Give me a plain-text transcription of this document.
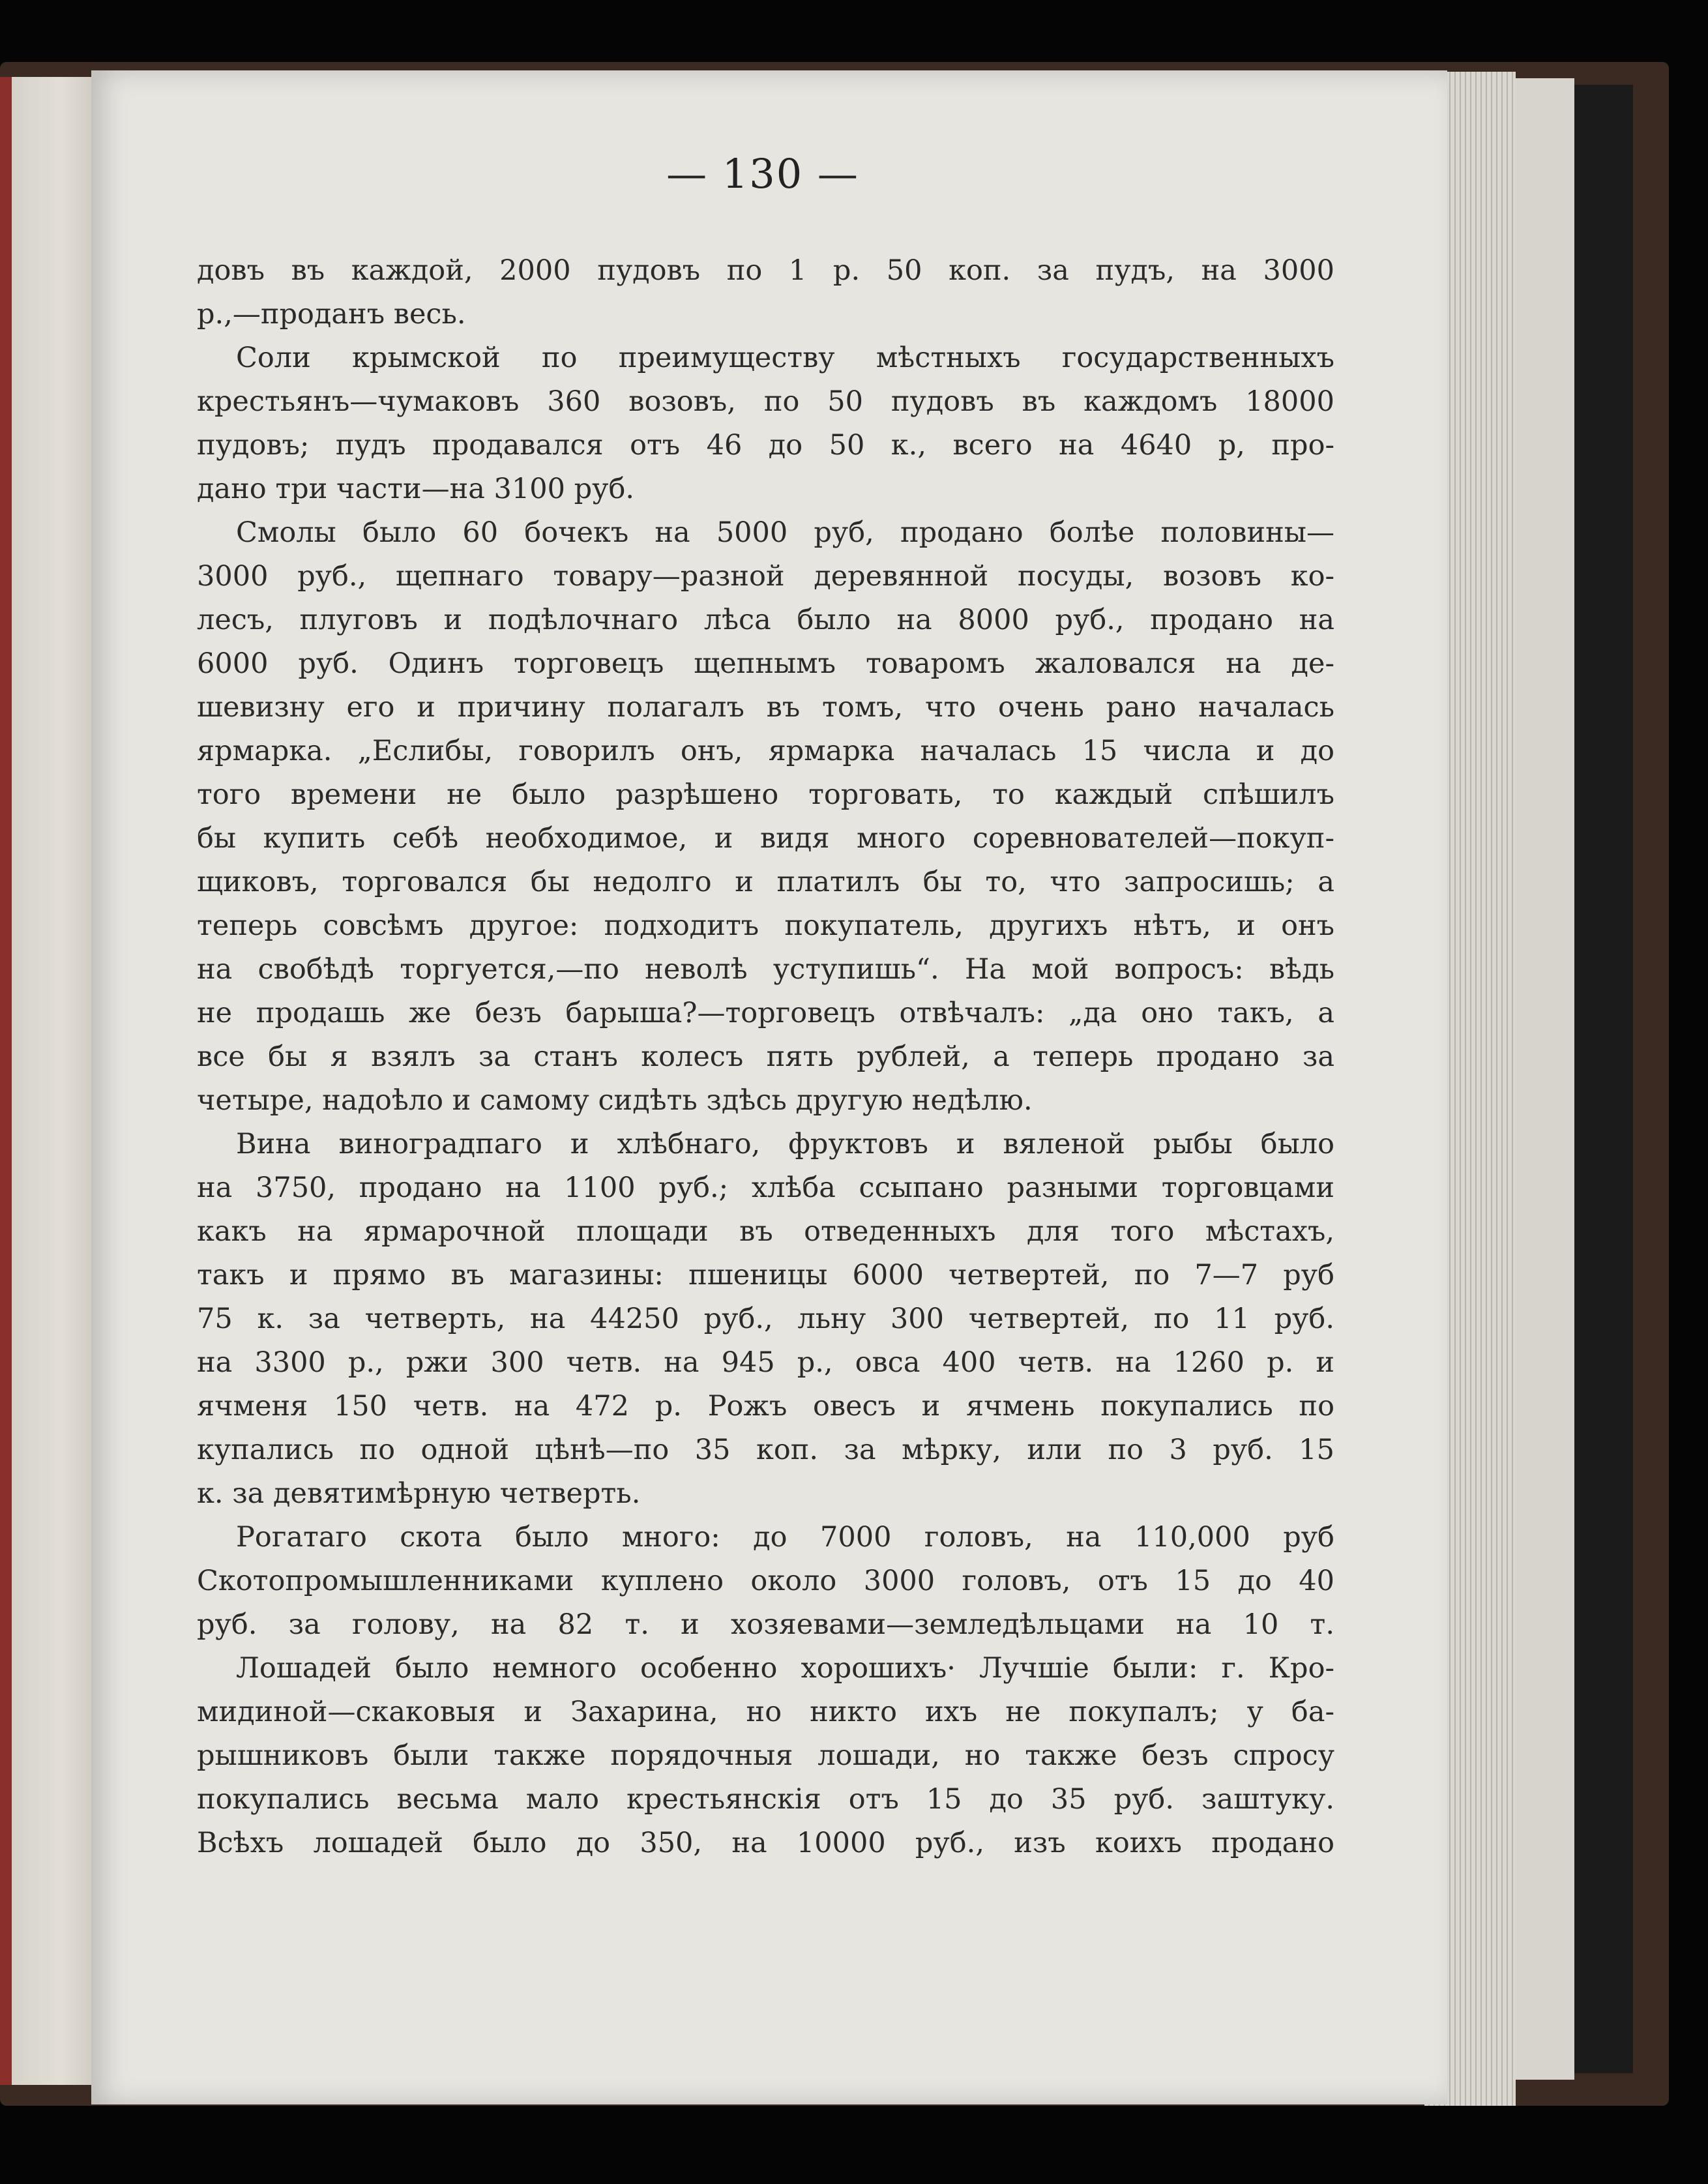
— 130 —
довъ въ каждой, 2000 пудовъ по 1 р. 50 коп. за пудъ, на 3000
р.,—проданъ весь.
Соли крымской по преимуществу мѣстныхъ государственныхъ
крестьянъ—чумаковъ 360 возовъ, по 50 пудовъ въ каждомъ 18000
пудовъ; пудъ продавался отъ 46 до 50 к., всего на 4640 р, про-
дано три части—на 3100 руб.
Смолы было 60 бочекъ на 5000 руб, продано болѣе половины—
3000 руб., щепнаго товару—разной деревянной посуды, возовъ ко-
лесъ, плуговъ и подѣлочнаго лѣса было на 8000 руб., продано на
6000 руб. Одинъ торговецъ щепнымъ товаромъ жаловался на де-
шевизну его и причину полагалъ въ томъ, что очень рано началась
ярмарка. „Еслибы, говорилъ онъ, ярмарка началась 15 числа и до
того времени не было разрѣшено торговать, то каждый спѣшилъ
бы купить себѣ необходимое, и видя много соревнователей—покуп-
щиковъ, торговался бы недолго и платилъ бы то, что запросишь; а
теперь совсѣмъ другое: подходитъ покупатель, другихъ нѣтъ, и онъ
на свобѣдѣ торгуется,—по неволѣ уступишь“. На мой вопросъ: вѣдь
не продашь же безъ барыша?—торговецъ отвѣчалъ: „да оно такъ, а
все бы я взялъ за станъ колесъ пять рублей, а теперь продано за
четыре, надоѣло и самому сидѣть здѣсь другую недѣлю.
Вина виноградпаго и хлѣбнаго, фруктовъ и вяленой рыбы было
на 3750, продано на 1100 руб.; хлѣба ссыпано разными торговцами
какъ на ярмарочной площади въ отведенныхъ для того мѣстахъ,
такъ и прямо въ магазины: пшеницы 6000 четвертей, по 7—7 руб
75 к. за четверть, на 44250 руб., льну 300 четвертей, по 11 руб.
на 3300 р., ржи 300 четв. на 945 р., овса 400 четв. на 1260 р. и
ячменя 150 четв. на 472 р. Рожъ овесъ и ячмень покупались по
купались по одной цѣнѣ—по 35 коп. за мѣрку, или по 3 руб. 15
к. за девятимѣрную четверть.
Рогатаго скота было много: до 7000 головъ, на 110,000 руб
Скотопромышленниками куплено около 3000 головъ, отъ 15 до 40
руб. за голову, на 82 т. и хозяевами—земледѣльцами на 10 т.
Лошадей было немного особенно хорошихъ· Лучшіе были: г. Кро-
мидиной—скаковыя и Захарина, но никто ихъ не покупалъ; у ба-
рышниковъ были также порядочныя лошади, но также безъ спросу
покупались весьма мало крестьянскія отъ 15 до 35 руб. заштуку.
Всѣхъ лошадей было до 350, на 10000 руб., изъ коихъ продано
